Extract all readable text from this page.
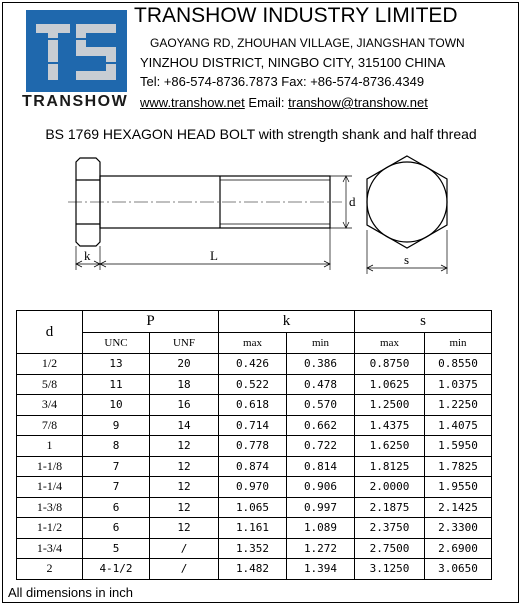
TRANSHOW
TRANSHOW INDUSTRY LIMITED
GAOYANG RD, ZHOUHAN VILLAGE, JIANGSHAN TOWN
YINZHOU DISTRICT, NINGBO CITY, 315100 CHINA
Tel: +86-574-8736.7873 Fax: +86-574-8736.4349
www.transhow.net Email: transhow@transhow.net
BS 1769 HEXAGON HEAD BOLT with strength shank and half thread
k	L
d
s
d	P		k		s	
	UNC	UNF	max	min	max	min
1/2	13	20	0.426	0.386	0.8750	0.8550
5/8	11	18	0.522	0.478	1.0625	1.0375
3/4	10	16	0.618	0.570	1.2500	1.2250
7/8	9	14	0.714	0.662	1.4375	1.4075
1	8	12	0.778	0.722	1.6250	1.5950
1-1/8	7	12	0.874	0.814	1.8125	1.7825
1-1/4	7	12	0.970	0.906	2.0000	1.9550
1-3/8	6	12	1.065	0.997	2.1875	2.1425
1-1/2	6	12	1.161	1.089	2.3750	2.3300
1-3/4	5	/	1.352	1.272	2.7500	2.6900
2	4-1/2	/	1.482	1.394	3.1250	3.0650
All dimensions in inch
